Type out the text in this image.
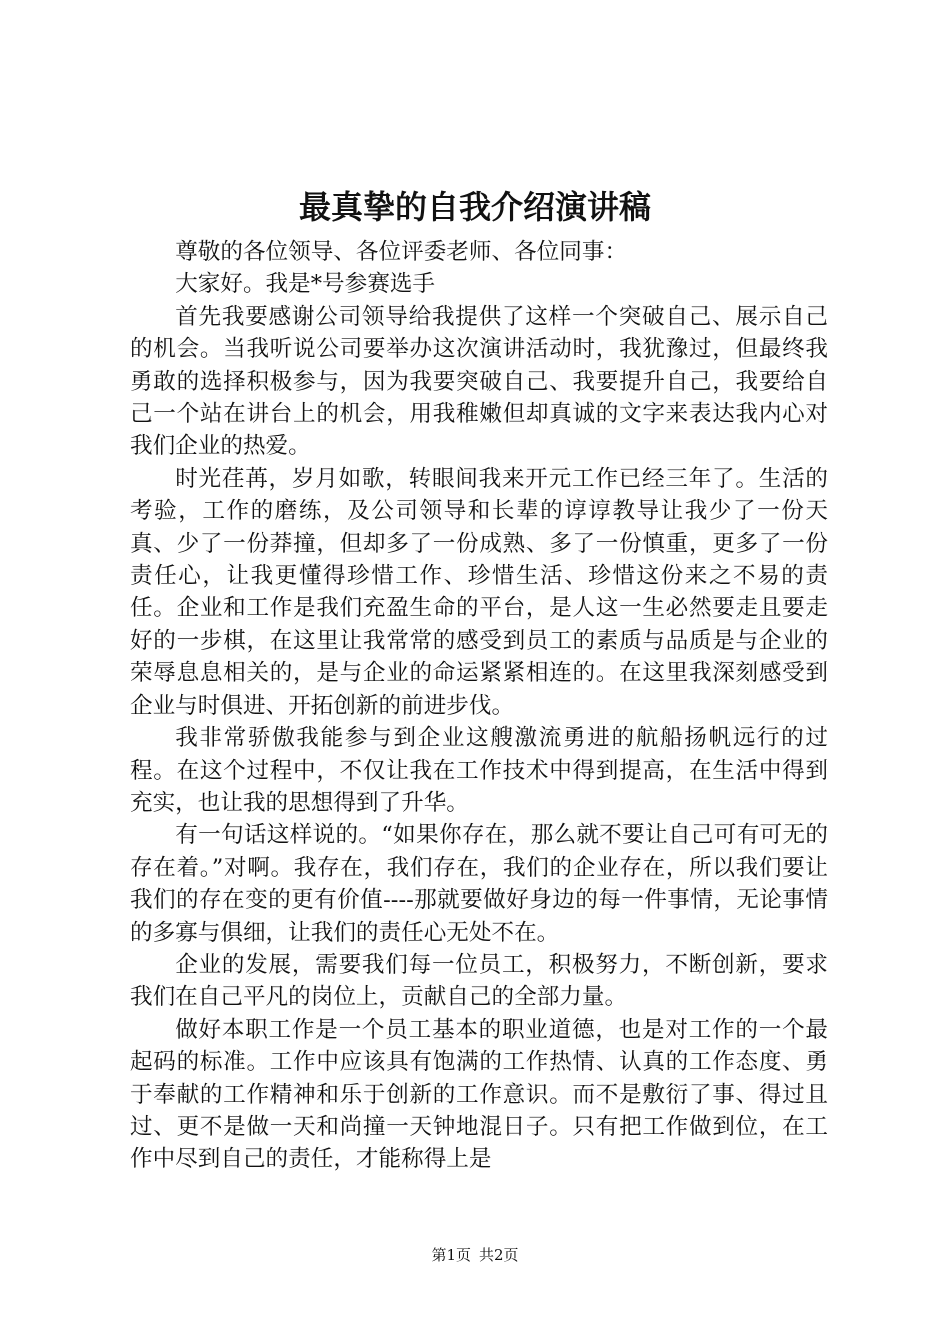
最真挚的自我介绍演讲稿

尊敬的各位领导、各位评委老师、各位同事：

大家好。我是*号参赛选手

首先我要感谢公司领导给我提供了这样一个突破自己、展示自己的机会。当我听说公司要举办这次演讲活动时，我犹豫过，但最终我勇敢的选择积极参与，因为我要突破自己、我要提升自己，我要给自己一个站在讲台上的机会，用我稚嫩但却真诚的文字来表达我内心对我们企业的热爱。

时光荏苒，岁月如歌，转眼间我来开元工作已经三年了。生活的考验，工作的磨练，及公司领导和长辈的谆谆教导让我少了一份天真、少了一份莽撞，但却多了一份成熟、多了一份慎重，更多了一份责任心，让我更懂得珍惜工作、珍惜生活、珍惜这份来之不易的责任。企业和工作是我们充盈生命的平台，是人这一生必然要走且要走好的一步棋，在这里让我常常的感受到员工的素质与品质是与企业的荣辱息息相关的，是与企业的命运紧紧相连的。在这里我深刻感受到企业与时俱进、开拓创新的前进步伐。

我非常骄傲我能参与到企业这艘激流勇进的航船扬帆远行的过程。在这个过程中，不仅让我在工作技术中得到提高，在生活中得到充实，也让我的思想得到了升华。

有一句话这样说的。“如果你存在，那么就不要让自己可有可无的存在着。”对啊。我存在，我们存在，我们的企业存在，所以我们要让我们的存在变的更有价值----那就要做好身边的每一件事情，无论事情的多寡与俱细，让我们的责任心无处不在。

企业的发展，需要我们每一位员工，积极努力，不断创新，要求我们在自己平凡的岗位上，贡献自己的全部力量。

做好本职工作是一个员工基本的职业道德，也是对工作的一个最起码的标准。工作中应该具有饱满的工作热情、认真的工作态度、勇于奉献的工作精神和乐于创新的工作意识。而不是敷衍了事、得过且过、更不是做一天和尚撞一天钟地混日子。只有把工作做到位，在工作中尽到自己的责任，才能称得上是

第1页 共2页
